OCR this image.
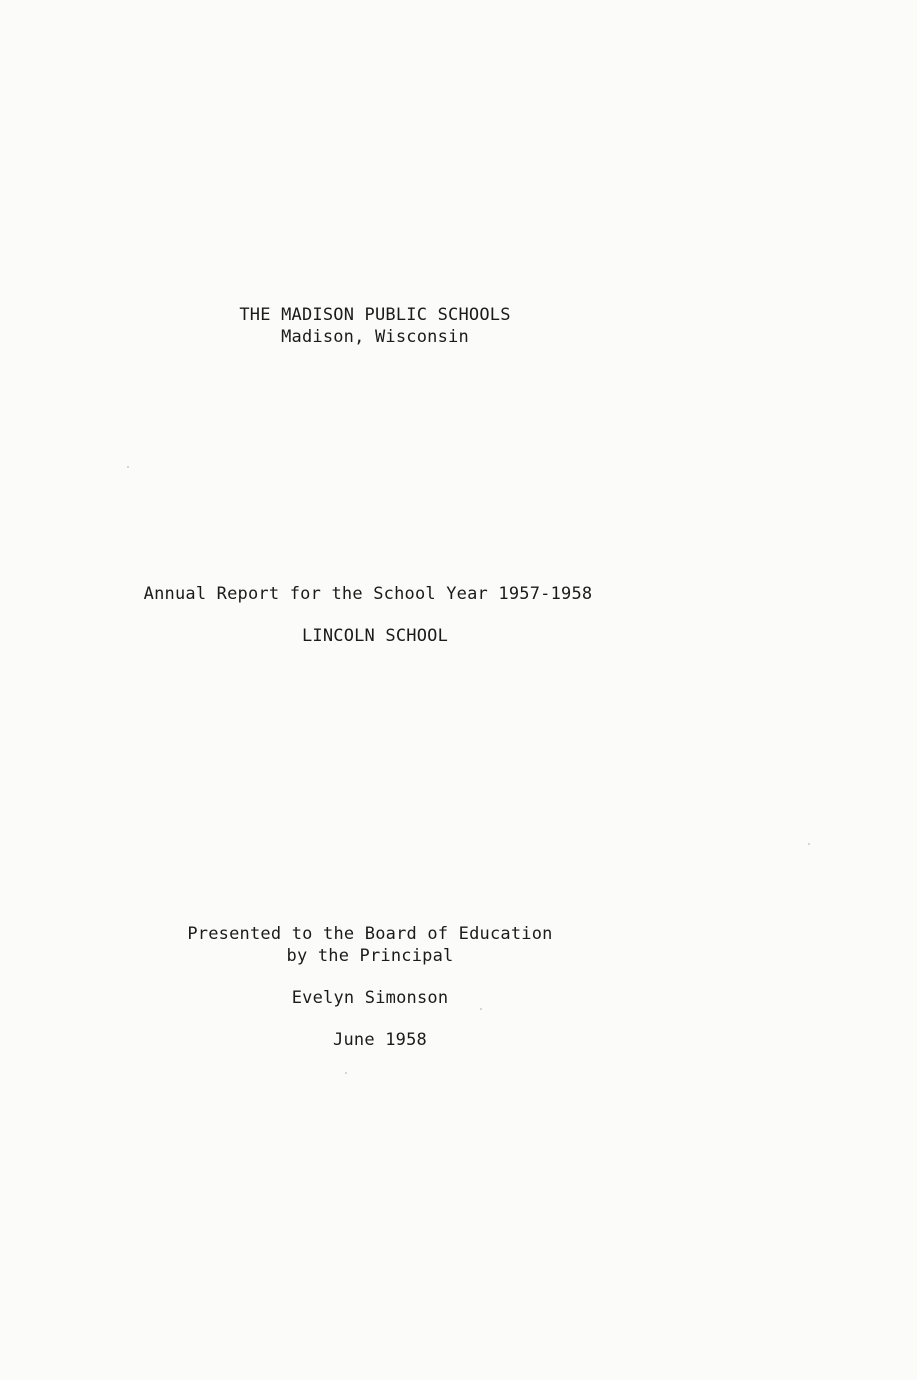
THE MADISON PUBLIC SCHOOLS
Madison, Wisconsin
Annual Report for the School Year 1957-1958
LINCOLN SCHOOL
Presented to the Board of Education
by the Principal
Evelyn Simonson
June 1958
